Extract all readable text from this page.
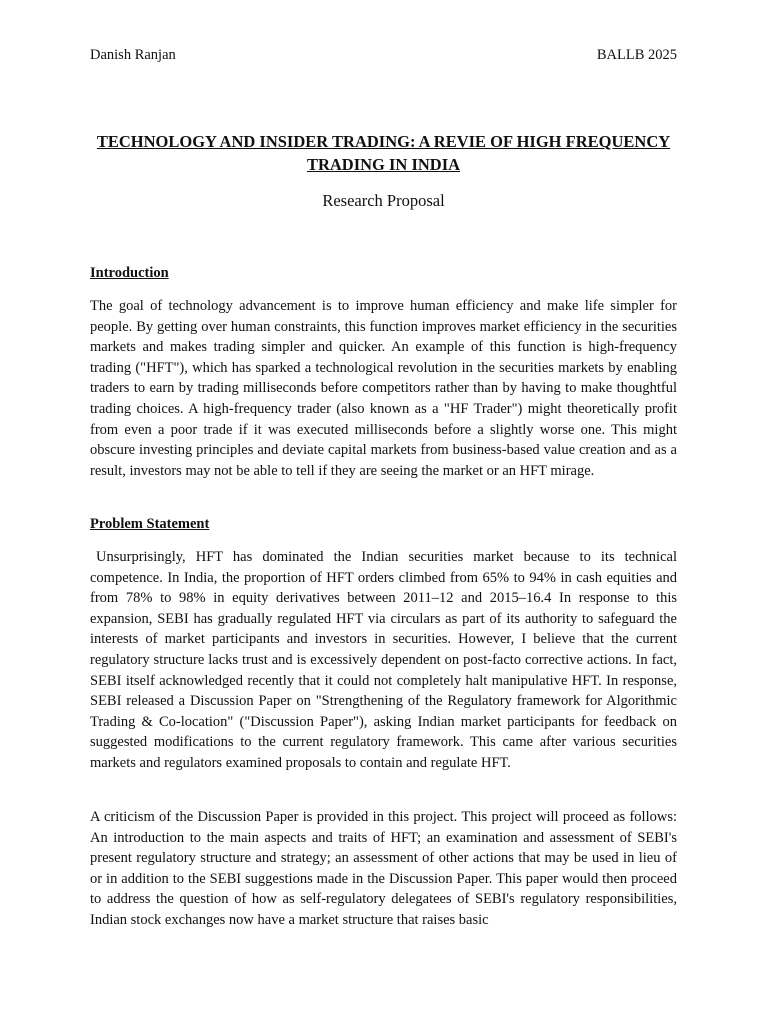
Danish Ranjan	BALLB 2025
TECHNOLOGY AND INSIDER TRADING: A REVIE OF HIGH FREQUENCY TRADING IN INDIA
Research Proposal
Introduction

The goal of technology advancement is to improve human efficiency and make life simpler for people. By getting over human constraints, this function improves market efficiency in the securities markets and makes trading simpler and quicker. An example of this function is high-frequency trading ("HFT"), which has sparked a technological revolution in the securities markets by enabling traders to earn by trading milliseconds before competitors rather than by having to make thoughtful trading choices. A high-frequency trader (also known as a "HF Trader") might theoretically profit from even a poor trade if it was executed milliseconds before a slightly worse one. This might obscure investing principles and deviate capital markets from business-based value creation and as a result, investors may not be able to tell if they are seeing the market or an HFT mirage.

Problem Statement

Unsurprisingly, HFT has dominated the Indian securities market because to its technical competence. In India, the proportion of HFT orders climbed from 65% to 94% in cash equities and from 78% to 98% in equity derivatives between 2011–12 and 2015–16.4 In response to this expansion, SEBI has gradually regulated HFT via circulars as part of its authority to safeguard the interests of market participants and investors in securities. However, I believe that the current regulatory structure lacks trust and is excessively dependent on post-facto corrective actions. In fact, SEBI itself acknowledged recently that it could not completely halt manipulative HFT. In response, SEBI released a Discussion Paper on "Strengthening of the Regulatory framework for Algorithmic Trading & Co-location" ("Discussion Paper"), asking Indian market participants for feedback on suggested modifications to the current regulatory framework. This came after various securities markets and regulators examined proposals to contain and regulate HFT.

A criticism of the Discussion Paper is provided in this project. This project will proceed as follows: An introduction to the main aspects and traits of HFT; an examination and assessment of SEBI's present regulatory structure and strategy; an assessment of other actions that may be used in lieu of or in addition to the SEBI suggestions made in the Discussion Paper. This paper would then proceed to address the question of how as self-regulatory delegatees of SEBI's regulatory responsibilities, Indian stock exchanges now have a market structure that raises basic
